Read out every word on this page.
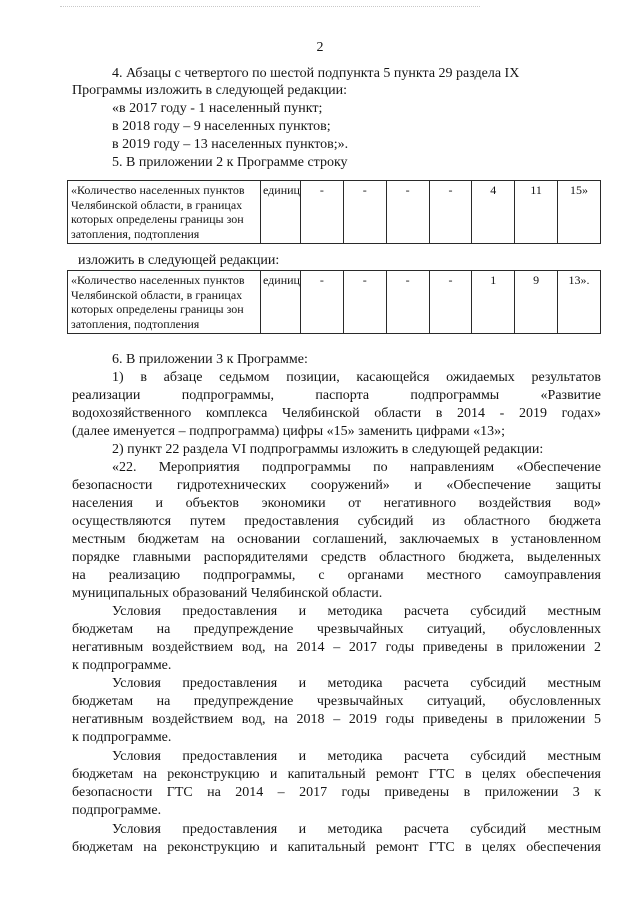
2
4. Абзацы с четвертого по шестой подпункта 5 пункта 29 раздела IX
Программы изложить в следующей редакции:
«в 2017 году - 1 населенный пункт;
в 2018 году – 9 населенных пунктов;
в 2019 году – 13 населенных пунктов;».
5. В приложении 2 к Программе строку
«Количество населенных пунктов
Челябинской области, в границах
которых определены границы зон
затопления, подтопления
	единиц	-	-	-	-	4	11	15»
изложить в следующей редакции:
«Количество населенных пунктов
Челябинской области, в границах
которых определены границы зон
затопления, подтопления
	единиц	-	-	-	-	1	9	13».
6. В приложении 3 к Программе:
1) в абзаце седьмом позиции, касающейся ожидаемых результатов
реализации подпрограммы, паспорта подпрограммы «Развитие
водохозяйственного комплекса Челябинской области в 2014 - 2019 годах»
(далее именуется – подпрограмма) цифры «15» заменить цифрами «13»;
2) пункт 22 раздела VI подпрограммы изложить в следующей редакции:
«22. Мероприятия подпрограммы по направлениям «Обеспечение
безопасности гидротехнических сооружений» и «Обеспечение защиты
населения и объектов экономики от негативного воздействия вод»
осуществляются путем предоставления субсидий из областного бюджета
местным бюджетам на основании соглашений, заключаемых в установленном
порядке главными распорядителями средств областного бюджета, выделенных
на реализацию подпрограммы, с органами местного самоуправления
муниципальных образований Челябинской области.
Условия предоставления и методика расчета субсидий местным
бюджетам на предупреждение чрезвычайных ситуаций, обусловленных
негативным воздействием вод, на 2014 – 2017 годы приведены в приложении 2
к подпрограмме.
Условия предоставления и методика расчета субсидий местным
бюджетам на предупреждение чрезвычайных ситуаций, обусловленных
негативным воздействием вод, на 2018 – 2019 годы приведены в приложении 5
к подпрограмме.
Условия предоставления и методика расчета субсидий местным
бюджетам на реконструкцию и капитальный ремонт ГТС в целях обеспечения
безопасности ГТС на 2014 – 2017 годы приведены в приложении 3 к
подпрограмме.
Условия предоставления и методика расчета субсидий местным
бюджетам на реконструкцию и капитальный ремонт ГТС в целях обеспечения
